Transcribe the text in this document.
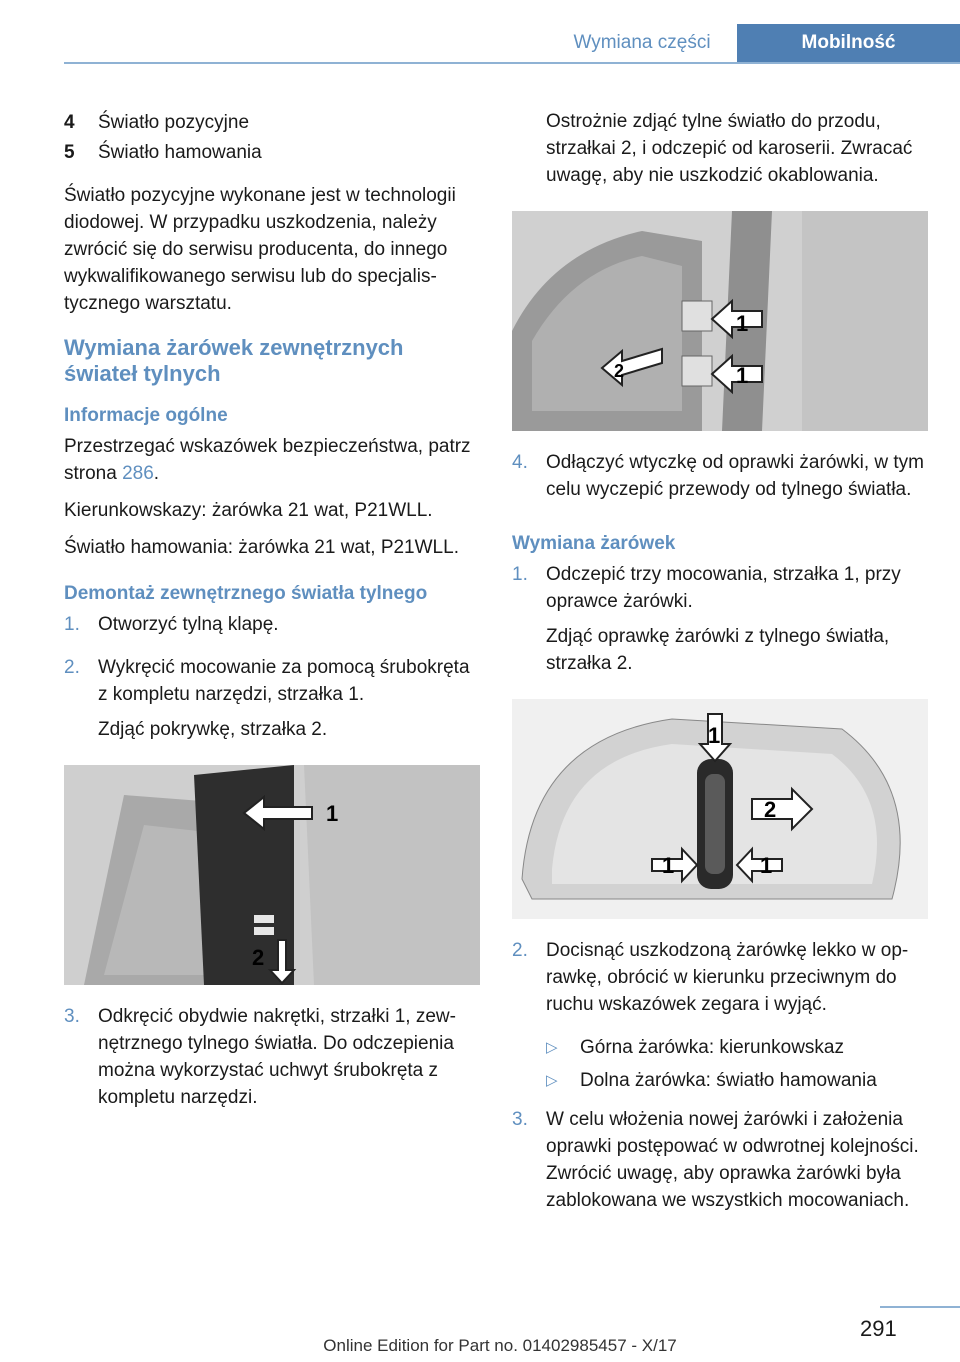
Wymiana części	Mobilność
4	Światło pozycyjne
5	Światło hamowania

Światło pozycyjne wykonane jest w technologii diodowej. W przypadku uszkodzenia, należy zwrócić się do serwisu producenta, do innego wykwalifikowanego serwisu lub do specjalistycznego warsztatu.

Wymiana żarówek zewnętrznych świateł tylnych
Informacje ogólne

Przestrzegać wskazówek bezpieczeństwa, patrz strona 286.

Kierunkowskazy: żarówka 21 wat, P21WLL.

Światło hamowania: żarówka 21 wat, P21WLL.

Demontaż zewnętrznego światła tylnego
1. Otworzyć tylną klapę.

2. Wykręcić mocowanie za pomocą śrubokręta z kompletu narzędzi, strzałka 1.

Zdjąć pokrywkę, strzałka 2.

1
2
3. Odkręcić obydwie nakrętki, strzałki 1, zewnętrznego tylnego światła. Do odczepienia można wykorzystać uchwyt śrubokręta z kompletu narzędzi.

Ostrożnie zdjąć tylne światło do przodu, strzałkai 2, i odczepić od karoserii. Zwracać uwagę, aby nie uszkodzić okablowania.

1
2	1
4. Odłączyć wtyczkę od oprawki żarówki, w tym celu wyczepić przewody od tylnego światła.

Wymiana żarówek
1. Odczepić trzy mocowania, strzałka 1, przy oprawce żarówki.

Zdjąć oprawkę żarówki z tylnego światła, strzałka 2.

1
2
1	1
2. Docisnąć uszkodzoną żarówkę lekko w oprawkę, obrócić w kierunku przeciwnym do ruchu wskazówek zegara i wyjąć.

▷	Górna żarówka: kierunkowskaz
▷	Dolna żarówka: światło hamowania
3. W celu włożenia nowej żarówki i założenia oprawki postępować w odwrotnej kolejności. Zwrócić uwagę, aby oprawka żarówki była zablokowana we wszystkich mocowaniach.

291
Online Edition for Part no. 01402985457 - X/17
